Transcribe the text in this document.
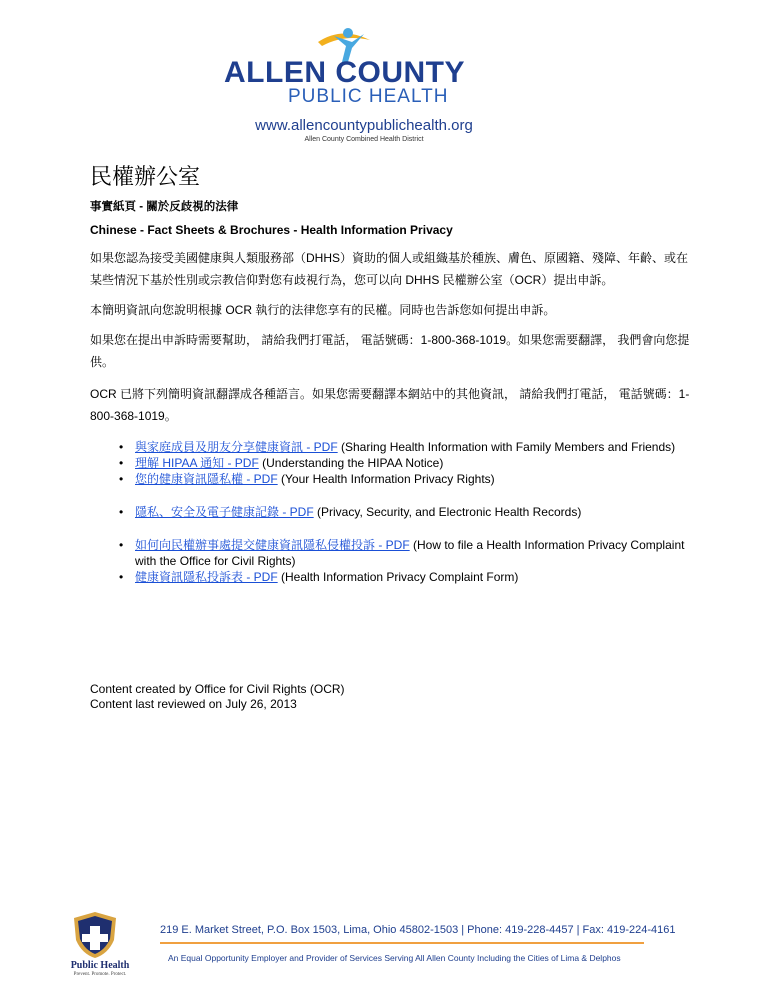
ALLEN COUNTY
PUBLIC HEALTH
www.allencountypublichealth.org
Allen County Combined Health District
民權辦公室
事實紙頁 - 關於反歧視的法律
Chinese - Fact Sheets & Brochures - Health Information Privacy

如果您認為接受美國健康與人類服務部（DHHS）資助的個人或組織基於種族、膚色、原國籍、殘障、年齡、或在某些情況下基於性別或宗教信仰對您有歧視行為，您可以向 DHHS 民權辦公室（OCR）提出申訴。

本簡明資訊向您說明根據 OCR 執行的法律您享有的民權。同時也告訴您如何提出申訴。

如果您在提出申訴時需要幫助， 請給我們打電話， 電話號碼：1-800-368-1019。如果您需要翻譯， 我們會向您提供。

OCR 已將下列簡明資訊翻譯成各種語言。如果您需要翻譯本網站中的其他資訊， 請給我們打電話， 電話號碼：1-800-368-1019。

• 與家庭成員及朋友分享健康資訊 - PDF (Sharing Health Information with Family Members and Friends)
• 理解 HIPAA 通知 - PDF (Understanding the HIPAA Notice)
• 您的健康資訊隱私權 - PDF (Your Health Information Privacy Rights)
• 隱私、安全及電子健康記錄 - PDF (Privacy, Security, and Electronic Health Records)
• 如何向民權辦事處提交健康資訊隱私侵權投訴 - PDF (How to file a Health Information Privacy Complaint with the Office for Civil Rights)
• 健康資訊隱私投訴表 - PDF (Health Information Privacy Complaint Form)
Content created by Office for Civil Rights (OCR)
Content last reviewed on July 26, 2013
Public Health
Prevent. Promote. Protect.
219 E. Market Street, P.O. Box 1503, Lima, Ohio 45802-1503 | Phone: 419-228-4457 | Fax: 419-224-4161
An Equal Opportunity Employer and Provider of Services Serving All Allen County Including the Cities of Lima & Delphos
